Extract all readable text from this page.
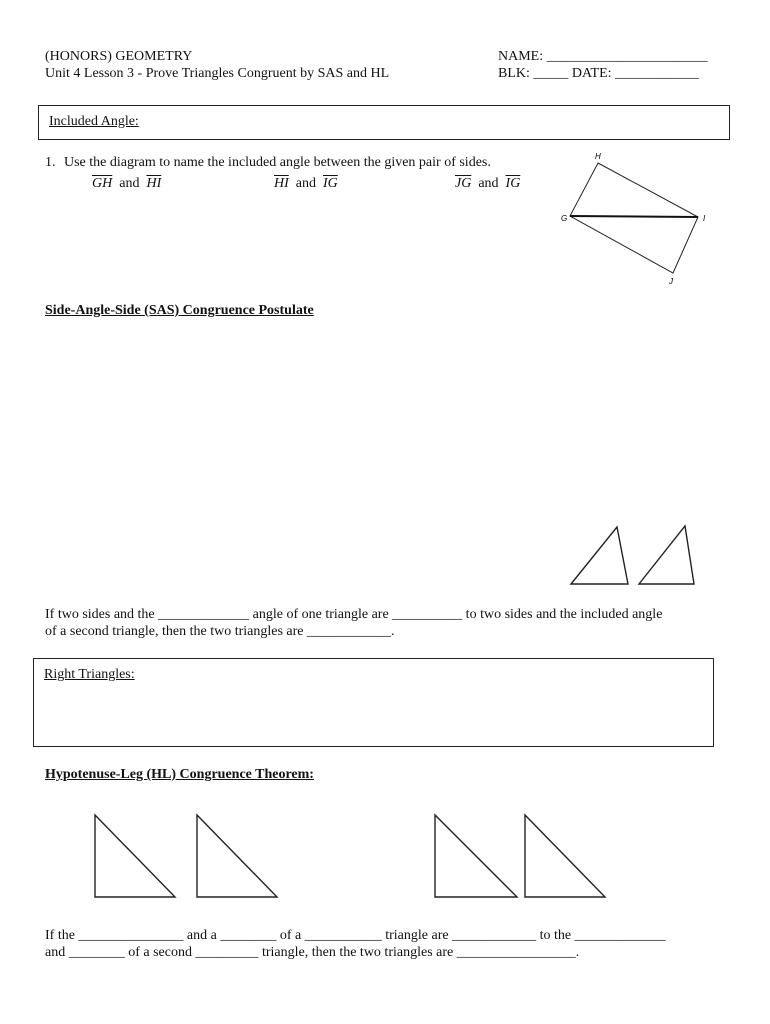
(HONORS) GEOMETRY
Unit 4 Lesson 3 - Prove Triangles Congruent by SAS and HL
NAME: _______________________
BLK: _____ DATE: ____________
Included Angle:
1. Use the diagram to name the included angle between the given pair of sides.
$\overline{GH}$  and  $\overline{HI}$	$\overline{HI}$  and  $\overline{IG}$	$\overline{JG}$  and  $\overline{IG}$
H
G	I
J
Side-Angle-Side (SAS) Congruence Postulate
If two sides and the _____________ angle of one triangle are __________ to two sides and the included angle
of a second triangle, then the two triangles are ____________.
Right Triangles:
Hypotenuse-Leg (HL) Congruence Theorem:
If the _______________ and a ________ of a ___________ triangle are ____________ to the _____________
and ________ of a second _________ triangle, then the two triangles are _________________.
